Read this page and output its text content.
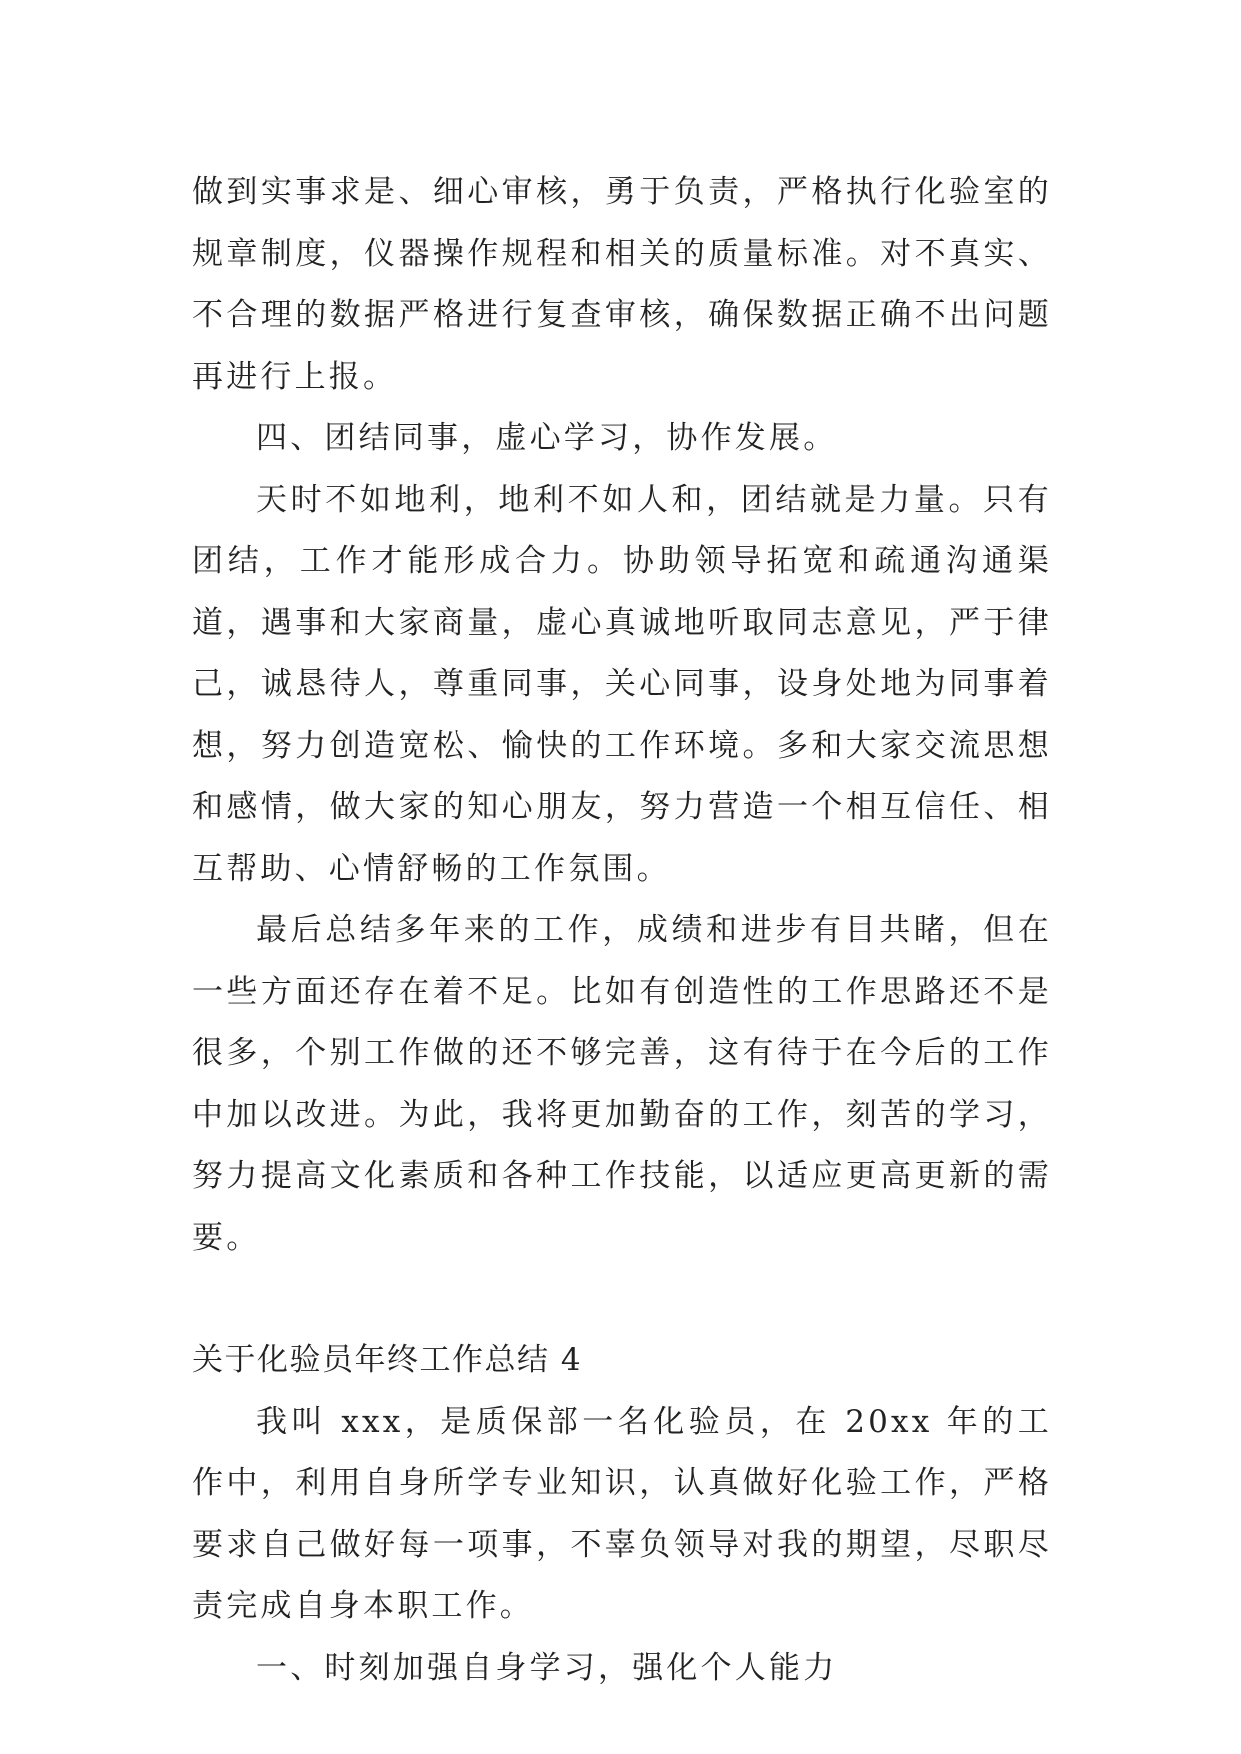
做到实事求是、细心审核，勇于负责，严格执行化验室的规章制度，仪器操作规程和相关的质量标准。对不真实、不合理的数据严格进行复查审核，确保数据正确不出问题再进行上报。

四、团结同事，虚心学习，协作发展。

天时不如地利，地利不如人和，团结就是力量。只有团结，工作才能形成合力。协助领导拓宽和疏通沟通渠道，遇事和大家商量，虚心真诚地听取同志意见，严于律己，诚恳待人，尊重同事，关心同事，设身处地为同事着想，努力创造宽松、愉快的工作环境。多和大家交流思想和感情，做大家的知心朋友，努力营造一个相互信任、相互帮助、心情舒畅的工作氛围。

最后总结多年来的工作，成绩和进步有目共睹，但在一些方面还存在着不足。比如有创造性的工作思路还不是很多，个别工作做的还不够完善，这有待于在今后的工作中加以改进。为此，我将更加勤奋的工作，刻苦的学习，努力提高文化素质和各种工作技能，以适应更高更新的需要。

关于化验员年终工作总结 4

我叫 xxx，是质保部一名化验员，在 20xx 年的工作中，利用自身所学专业知识，认真做好化验工作，严格要求自己做好每一项事，不辜负领导对我的期望，尽职尽责完成自身本职工作。

一、时刻加强自身学习，强化个人能力
